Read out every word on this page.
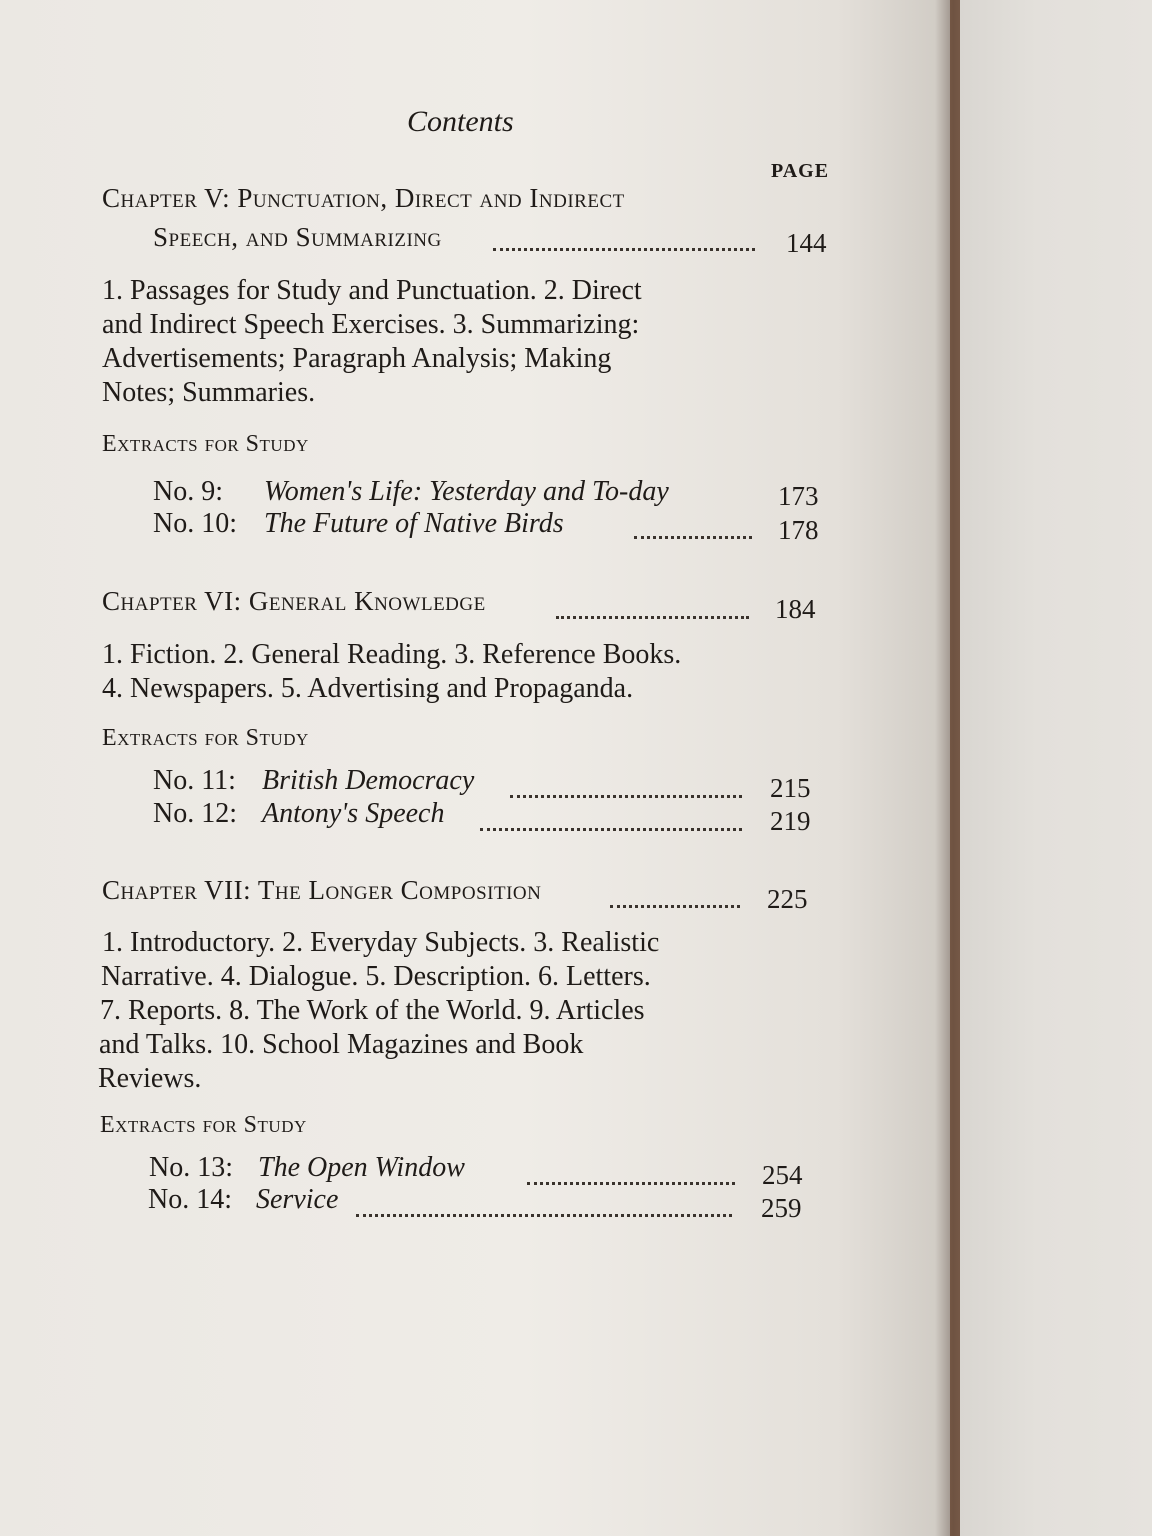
Contents
PAGE
Chapter V: Punctuation, Direct and Indirect
Speech, and Summarizing	144
1. Passages for Study and Punctuation. 2. Direct
and Indirect Speech Exercises. 3. Summarizing:
Advertisements; Paragraph Analysis; Making
Notes; Summaries.
Extracts for Study
No. 9: Women's Life: Yesterday and To-day	173
No. 10: The Future of Native Birds	178
Chapter VI: General Knowledge	184
1. Fiction. 2. General Reading. 3. Reference Books.
4. Newspapers. 5. Advertising and Propaganda.
Extracts for Study
No. 11: British Democracy	215
No. 12: Antony's Speech	219
Chapter VII: The Longer Composition	225
1. Introductory. 2. Everyday Subjects. 3. Realistic
Narrative. 4. Dialogue. 5. Description. 6. Letters.
7. Reports. 8. The Work of the World. 9. Articles
and Talks. 10. School Magazines and Book
Reviews.
Extracts for Study
No. 13: The Open Window	254
No. 14: Service	259
